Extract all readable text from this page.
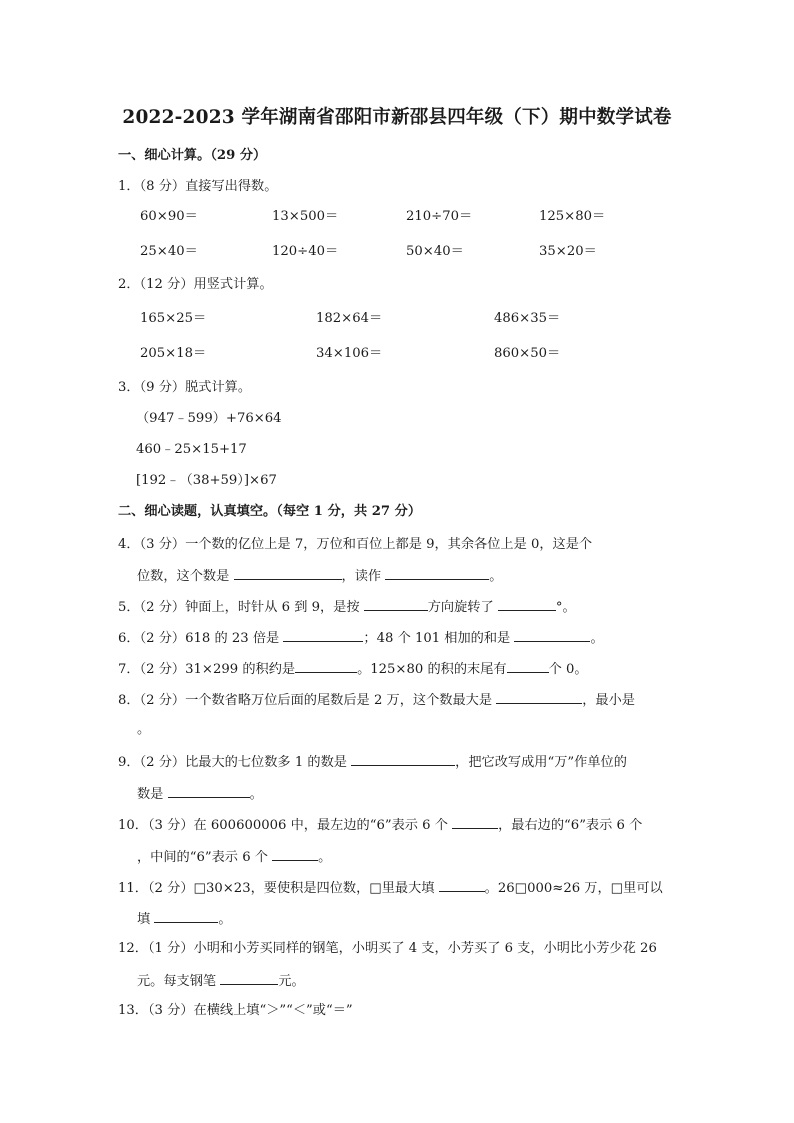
2022-2023 学年湖南省邵阳市新邵县四年级（下）期中数学试卷
一、细心计算。（29 分）
1．（8 分）直接写出得数。
60×90＝	13×500＝	210÷70＝	125×80＝
25×40＝	120÷40＝	50×40＝	35×20＝
2．（12 分）用竖式计算。
165×25＝	182×64＝	486×35＝
205×18＝	34×106＝	860×50＝
3．（9 分）脱式计算。
（947﹣599）+76×64
460﹣25×15+17
[192﹣（38+59）]×67
二、细心读题，认真填空。（每空 1 分，共 27 分）
4．（3 分）一个数的亿位上是 7，万位和百位上都是 9，其余各位上是 0，这是个
位数，这个数是	，读作	。
5．（2 分）钟面上，时针从 6 到 9，是按	方向旋转了	°。
6．（2 分）618 的 23 倍是	；48 个 101 相加的和是	。
7．（2 分）31×299 的积约是	。125×80 的积的末尾有	个 0。
8．（2 分）一个数省略万位后面的尾数后是 2 万，这个数最大是	，最小是
。
9．（2 分）比最大的七位数多 1 的数是	，把它改写成用“万”作单位的
数是	。
10．（3 分）在 600600006 中，最左边的“6”表示 6 个	，最右边的“6”表示 6 个
，中间的“6”表示 6 个	。
11．（2 分）□30×23，要使积是四位数，□里最大填	。26□000≈26 万，□里可以
填	。
12．（1 分）小明和小芳买同样的钢笔，小明买了 4 支，小芳买了 6 支，小明比小芳少花 26
元。每支钢笔	元。
13．（3 分）在横线上填“＞”“＜”或“＝”
